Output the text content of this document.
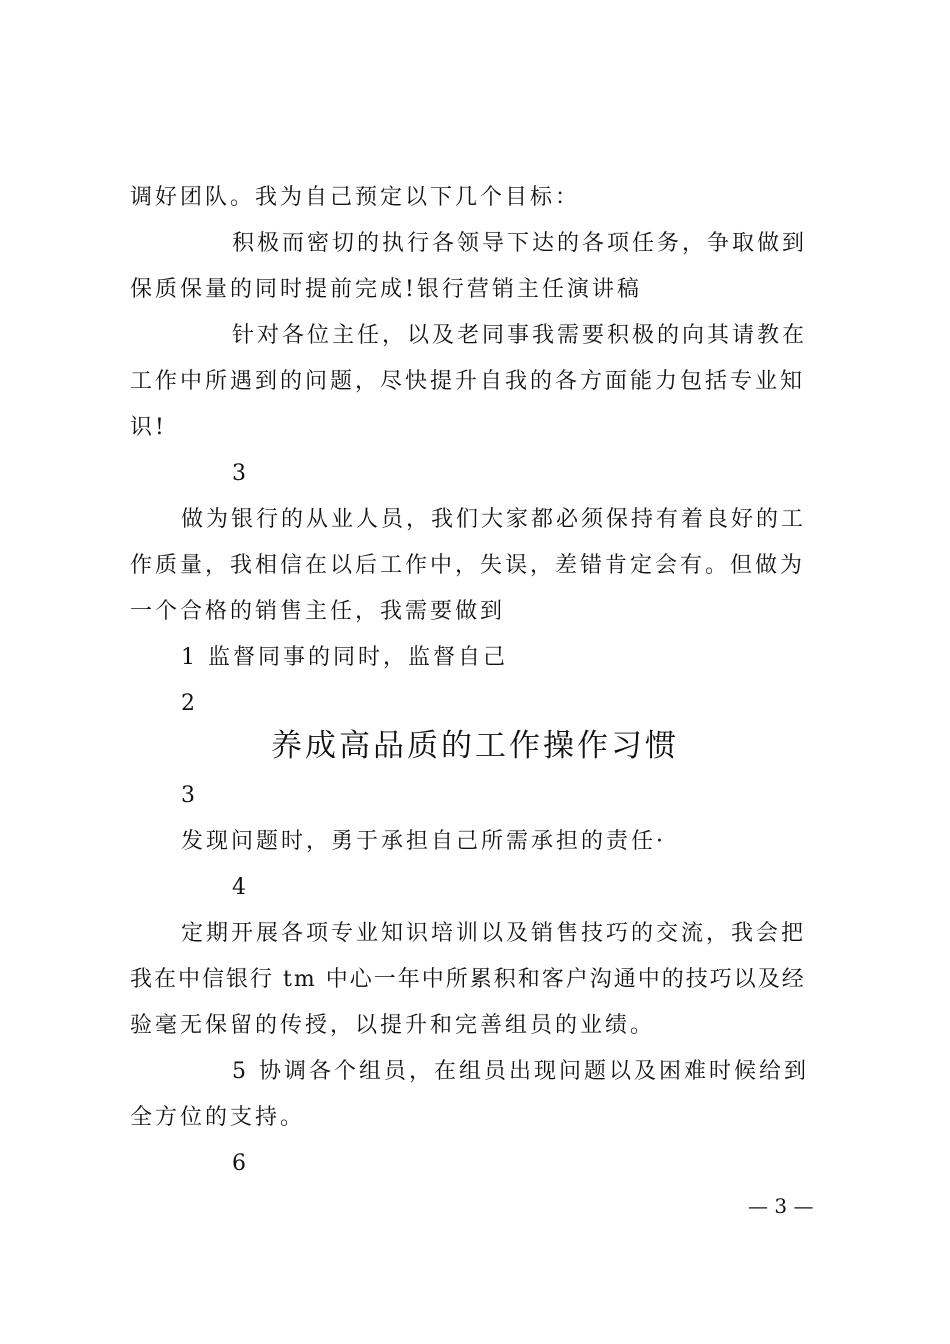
调好团队。我为自己预定以下几个目标：
积极而密切的执行各领导下达的各项任务，争取做到
保质保量的同时提前完成!银行营销主任演讲稿
针对各位主任，以及老同事我需要积极的向其请教在
工作中所遇到的问题，尽快提升自我的各方面能力包括专业知
识!
3
做为银行的从业人员，我们大家都必须保持有着良好的工
作质量，我相信在以后工作中，失误，差错肯定会有。但做为
一个合格的销售主任，我需要做到
1 监督同事的同时，监督自己
2
养成高品质的工作操作习惯
3
发现问题时，勇于承担自己所需承担的责任·
4
定期开展各项专业知识培训以及销售技巧的交流，我会把
我在中信银行 tm 中心一年中所累积和客户沟通中的技巧以及经
验毫无保留的传授，以提升和完善组员的业绩。
5 协调各个组员，在组员出现问题以及困难时候给到
全方位的支持。
6
— 3 —
